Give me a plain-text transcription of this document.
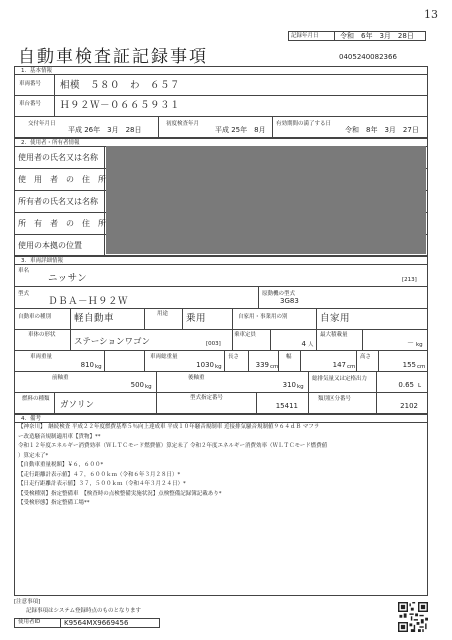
13
記録年月日	令和　6年　3月　28日
自動車検査証記録事項	0405240082366
1．基本情報
車両番号 相模　５８０　わ　６５７
車台番号 Ｈ９２Ｗ－０６６５９３１
交付年月日
平成 26年　3月　28日
初度検査年月
平成 25年　8月
有効期間の満了する日
令和　8年　3月　27日
2．使用者・所有者情報
使用者の氏名又は名称
使　用　者　の　住　所
所有者の氏名又は名称
所　有　者　の　住　所
使用の本拠の位置
3．車両詳細情報
車名
ニッサン	[213]
型式
ＤＢＡ－Ｈ９２Ｗ
原動機の型式
3G83
自動車の種別 軽自動車	用途 乗用	自家用・事業用の別	自家用
車体の形状
ステーションワゴン	[003]
乗車定員
4 人
最大積載量
－ kg
車両重量
810 kg
車両総重量
1030 kg
長さ
339 cm
幅
147 cm
高さ
155 cm
前軸重
500 kg
後軸重
310 kg
総排気量又は定格出力
0.65 L
燃料の種類
ガソリン
型式指定番号
15411
類別区分番号
2102
4．備考
【神奈川】　継続検査 平成２２年度燃費基準５％向上達成車 平成１０年騒音規制車 近接排気騒音規制値９６４ｄＢ マフラ
ー改造騒音規制適用車【貨物】**
令和１２年度エネルギー消費効率（ＷＬＴＣモード燃費値）算定未了 令和２年度エネルギー消費効率（ＷＬＴＣモード燃費値
）算定未了*
【自動車重量税額】￥６，６００*
【走行距離計表示値】４７，６００ｋｍ（令和６年３月２８日）*
【日走行距離計表示値】３７，５００ｋｍ（令和４年３月２４日）*
【受検種別】指定整備車　【検査時の点検整備実施状況】点検整備記録簿記載あり*
【受検形態】指定整備工場**
[注意事項]
記録事項はシステム登録時点のものとなります
使用者ID	K9564MX9669456
